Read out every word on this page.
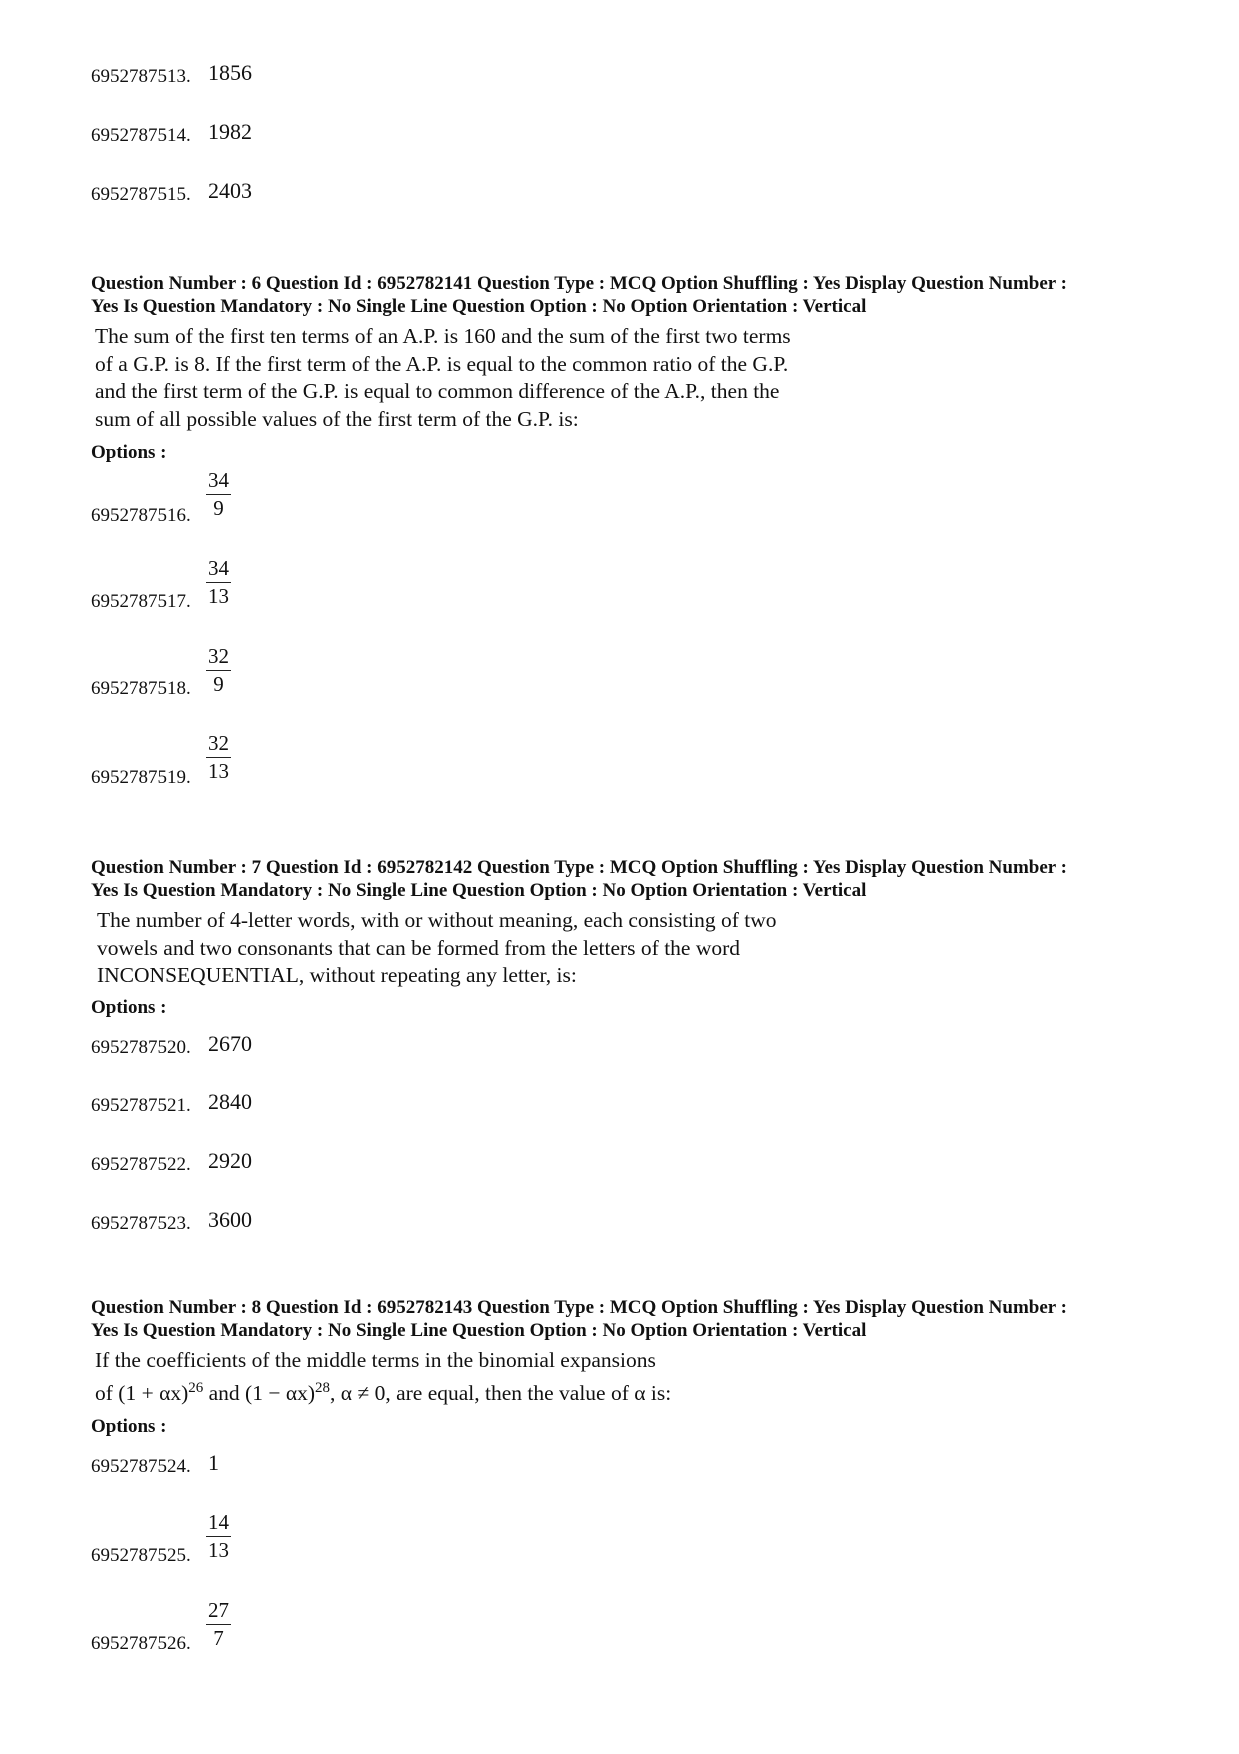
6952787513. 1856
6952787514. 1982
6952787515. 2403
Question Number : 6 Question Id : 6952782141 Question Type : MCQ Option Shuffling : Yes Display Question Number :
Yes Is Question Mandatory : No Single Line Question Option : No Option Orientation : Vertical
The sum of the first ten terms of an A.P. is 160 and the sum of the first two terms
of a G.P. is 8. If the first term of the A.P. is equal to the common ratio of the G.P.
and the first term of the G.P. is equal to common difference of the A.P., then the
sum of all possible values of the first term of the G.P. is:
Options :
6952787516. $\frac{34}{9}$
6952787517. $\frac{34}{13}$
6952787518. $\frac{32}{9}$
6952787519. $\frac{32}{13}$
Question Number : 7 Question Id : 6952782142 Question Type : MCQ Option Shuffling : Yes Display Question Number :
Yes Is Question Mandatory : No Single Line Question Option : No Option Orientation : Vertical
The number of 4-letter words, with or without meaning, each consisting of two
vowels and two consonants that can be formed from the letters of the word
INCONSEQUENTIAL, without repeating any letter, is:
Options :
6952787520. 2670
6952787521. 2840
6952787522. 2920
6952787523. 3600
Question Number : 8 Question Id : 6952782143 Question Type : MCQ Option Shuffling : Yes Display Question Number :
Yes Is Question Mandatory : No Single Line Question Option : No Option Orientation : Vertical
If the coefficients of the middle terms in the binomial expansions
of $(1 + \alpha x)^{26}$ and $(1 - \alpha x)^{28}$, α ≠ 0, are equal, then the value of α is:
Options :
6952787524. 1
6952787525. $\frac{14}{13}$
6952787526. $\frac{27}{7}$
